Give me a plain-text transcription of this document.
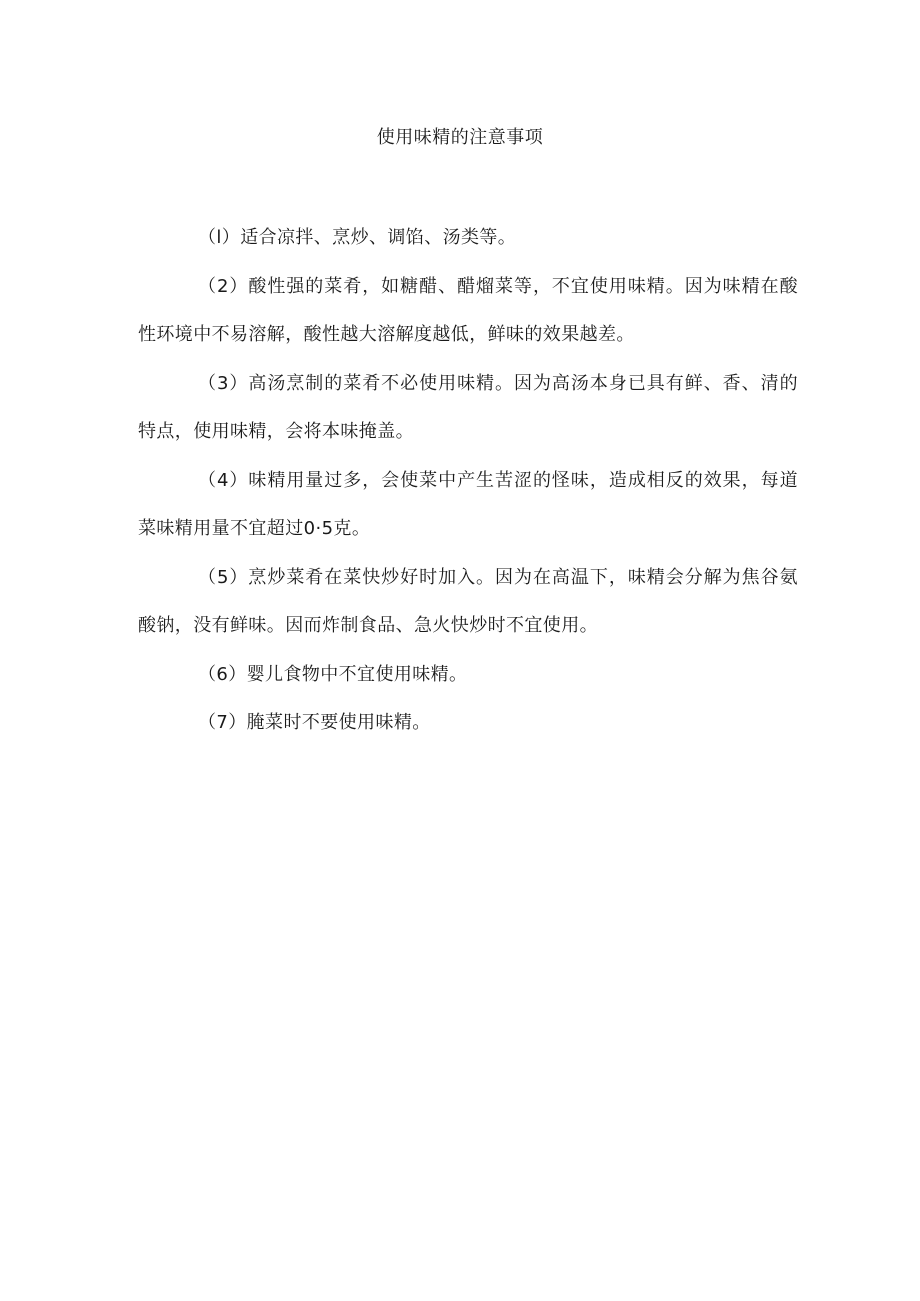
使用味精的注意事项

（l）适合凉拌、烹炒、调馅、汤类等。

（2）酸性强的菜肴，如糖醋、醋熘菜等，不宜使用味精。因为味精在酸性环境中不易溶解，酸性越大溶解度越低，鲜味的效果越差。

（3）高汤烹制的菜肴不必使用味精。因为高汤本身已具有鲜、香、清的特点，使用味精，会将本味掩盖。

（4）味精用量过多，会使菜中产生苦涩的怪味，造成相反的效果，每道菜味精用量不宜超过0·5克。

（5）烹炒菜肴在菜快炒好时加入。因为在高温下，味精会分解为焦谷氨酸钠，没有鲜味。因而炸制食品、急火快炒时不宜使用。

（6）婴儿食物中不宜使用味精。

（7）腌菜时不要使用味精。
